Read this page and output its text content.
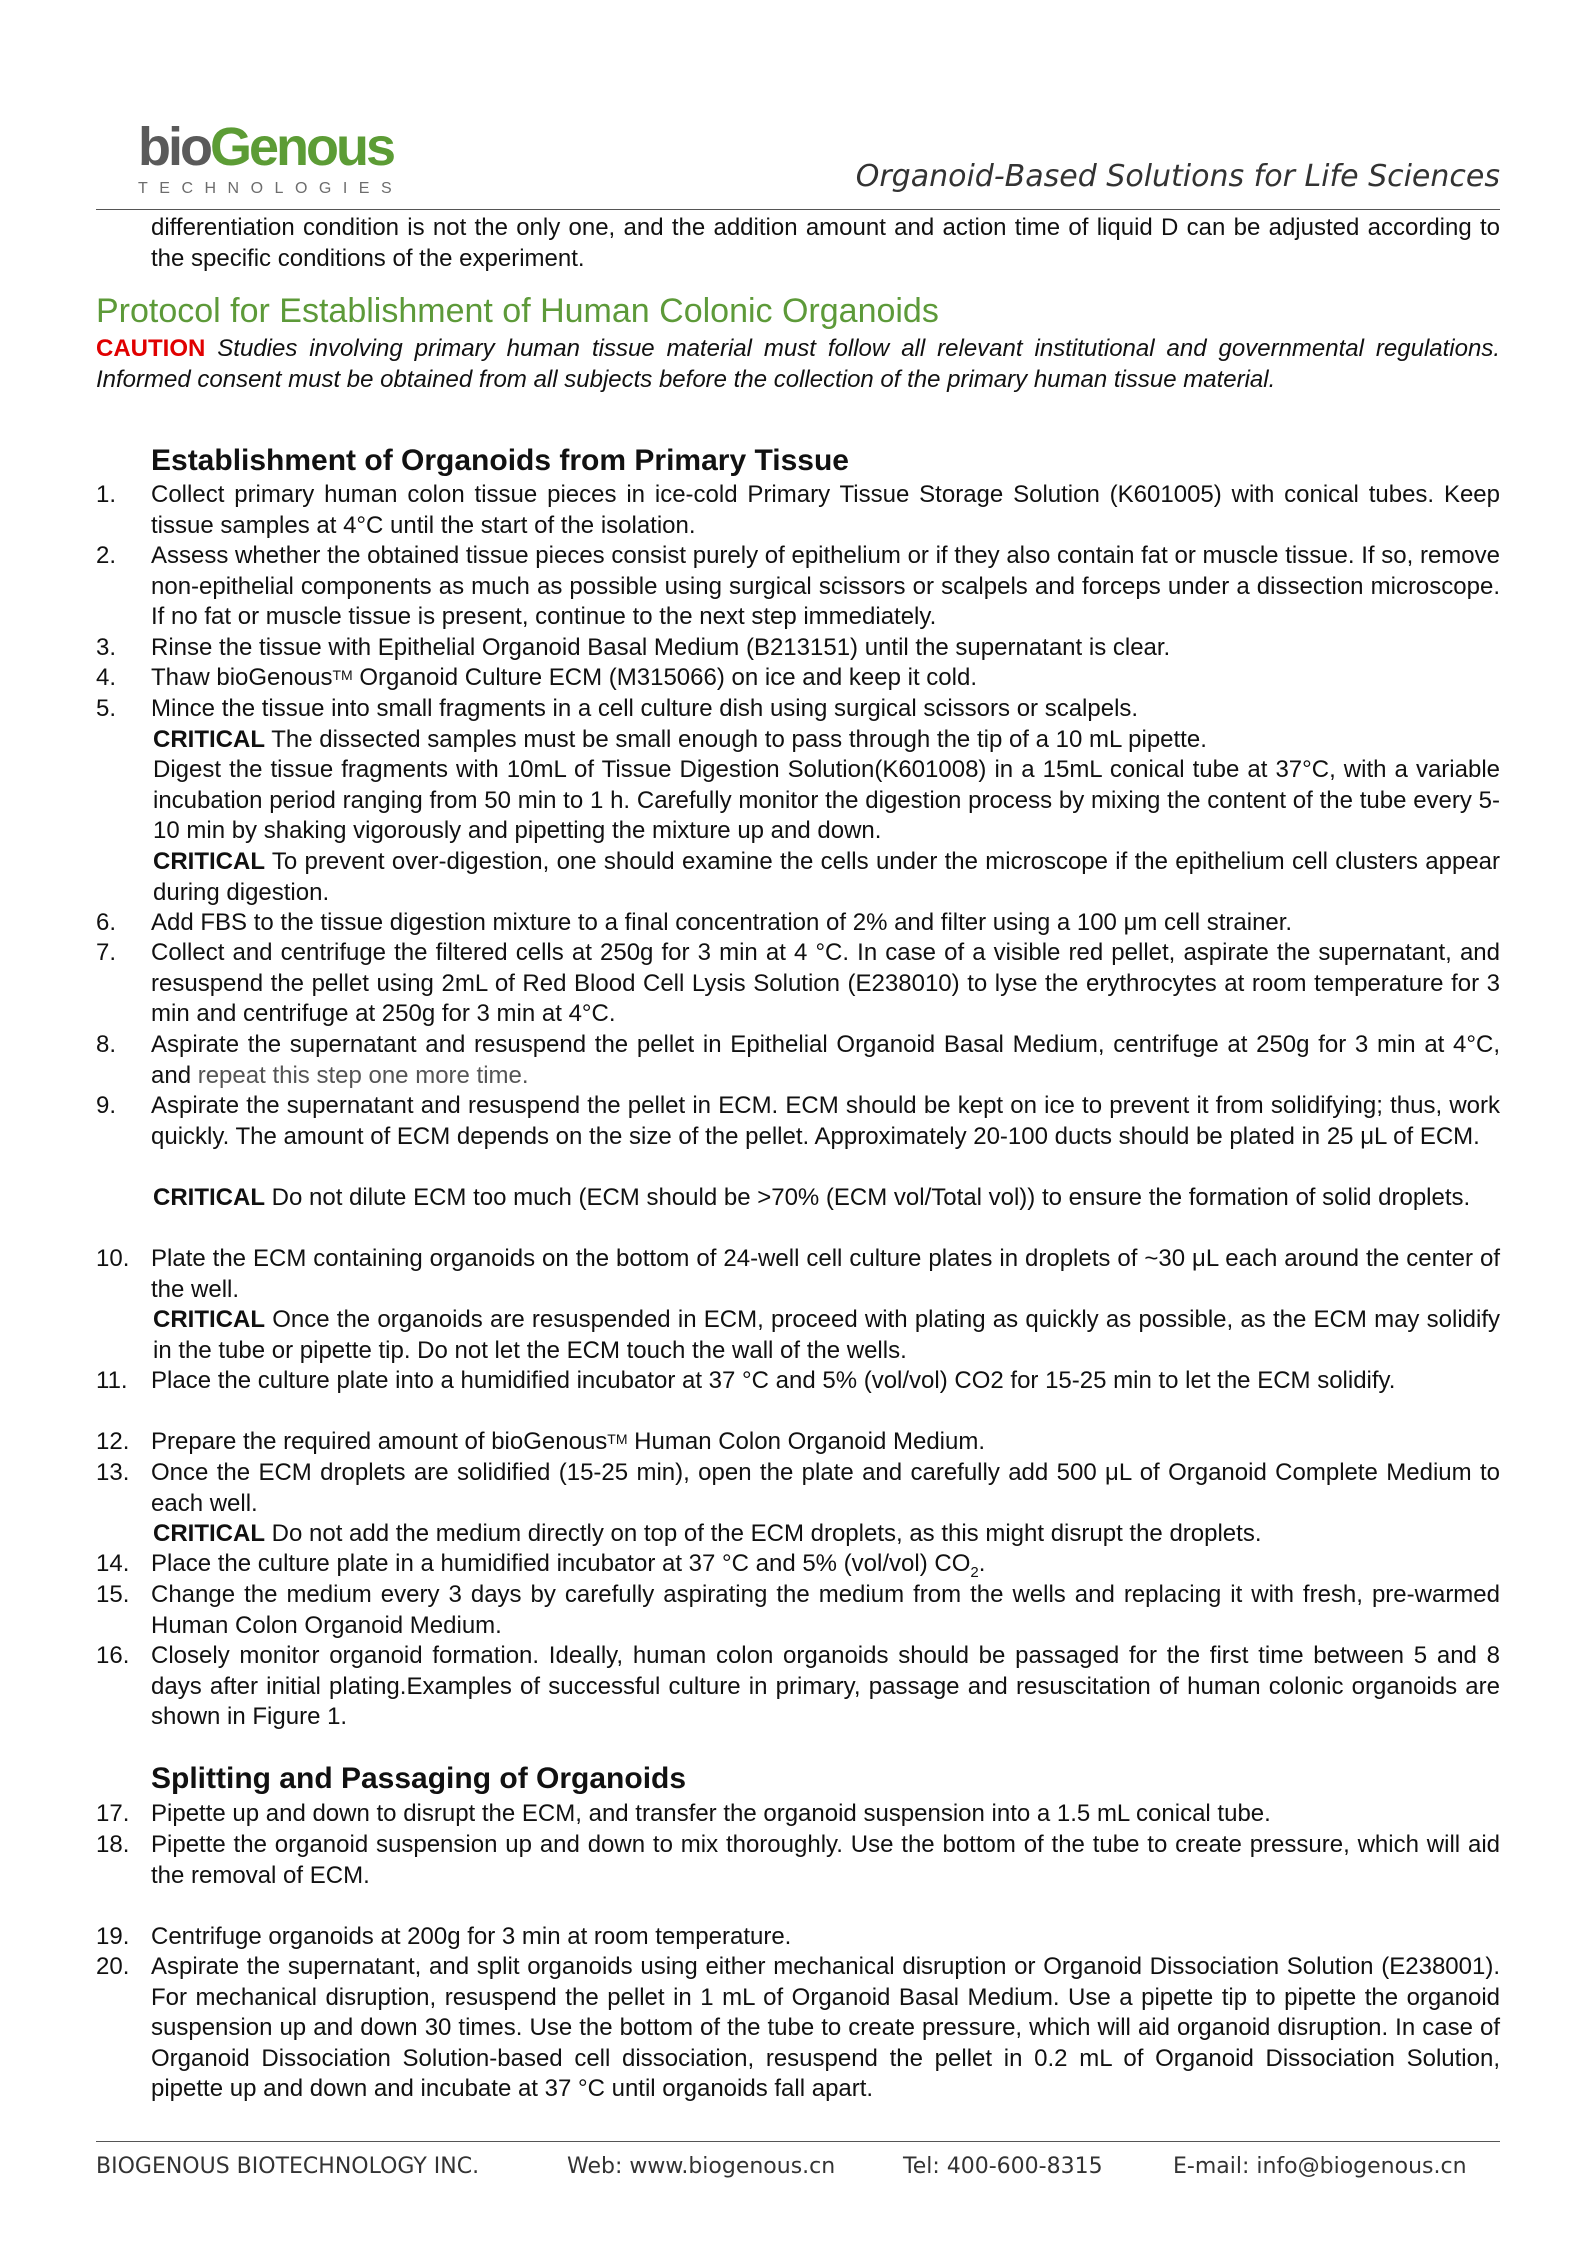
bioGenous
TECHNOLOGIES	Organoid-Based Solutions for Life Sciences
differentiation condition is not the only one, and the addition amount and action time of liquid D can be adjusted according to the specific conditions of the experiment.
Protocol for Establishment of Human Colonic Organoids
CAUTION Studies involving primary human tissue material must follow all relevant institutional and governmental regulations. Informed consent must be obtained from all subjects before the collection of the primary human tissue material.
Establishment of Organoids from Primary Tissue
1.	Collect primary human colon tissue pieces in ice-cold Primary Tissue Storage Solution (K601005) with conical tubes. Keep tissue samples at 4°C until the start of the isolation.
2.	Assess whether the obtained tissue pieces consist purely of epithelium or if they also contain fat or muscle tissue. If so, remove non-epithelial components as much as possible using surgical scissors or scalpels and forceps under a dissection microscope. If no fat or muscle tissue is present, continue to the next step immediately.
3.	Rinse the tissue with Epithelial Organoid Basal Medium (B213151) until the supernatant is clear.
4.	Thaw bioGenous™ Organoid Culture ECM (M315066) on ice and keep it cold.
5.	Mince the tissue into small fragments in a cell culture dish using surgical scissors or scalpels.
CRITICAL The dissected samples must be small enough to pass through the tip of a 10 mL pipette.
Digest the tissue fragments with 10mL of Tissue Digestion Solution(K601008) in a 15mL conical tube at 37°C, with a variable incubation period ranging from 50 min to 1 h. Carefully monitor the digestion process by mixing the content of the tube every 5-10 min by shaking vigorously and pipetting the mixture up and down.
CRITICAL To prevent over-digestion, one should examine the cells under the microscope if the epithelium cell clusters appear during digestion.
6.	Add FBS to the tissue digestion mixture to a final concentration of 2% and filter using a 100 μm cell strainer.
7.	Collect and centrifuge the filtered cells at 250g for 3 min at 4 °C. In case of a visible red pellet, aspirate the supernatant, and resuspend the pellet using 2mL of Red Blood Cell Lysis Solution (E238010) to lyse the erythrocytes at room temperature for 3 min and centrifuge at 250g for 3 min at 4°C.
8.	Aspirate the supernatant and resuspend the pellet in Epithelial Organoid Basal Medium, centrifuge at 250g for 3 min at 4°C, and repeat this step one more time.
9.	Aspirate the supernatant and resuspend the pellet in ECM. ECM should be kept on ice to prevent it from solidifying; thus, work quickly. The amount of ECM depends on the size of the pellet. Approximately 20-100 ducts should be plated in 25 μL of ECM.
CRITICAL Do not dilute ECM too much (ECM should be >70% (ECM vol/Total vol)) to ensure the formation of solid droplets.
10. Plate the ECM containing organoids on the bottom of 24-well cell culture plates in droplets of ~30 μL each around the center of the well.
CRITICAL Once the organoids are resuspended in ECM, proceed with plating as quickly as possible, as the ECM may solidify in the tube or pipette tip. Do not let the ECM touch the wall of the wells.
11. Place the culture plate into a humidified incubator at 37 °C and 5% (vol/vol) CO2 for 15-25 min to let the ECM solidify.
12. Prepare the required amount of bioGenous™ Human Colon Organoid Medium.
13. Once the ECM droplets are solidified (15-25 min), open the plate and carefully add 500 μL of Organoid Complete Medium to each well.
CRITICAL Do not add the medium directly on top of the ECM droplets, as this might disrupt the droplets.
14. Place the culture plate in a humidified incubator at 37 °C and 5% (vol/vol) $CO_2$.
15. Change the medium every 3 days by carefully aspirating the medium from the wells and replacing it with fresh, pre-warmed Human Colon Organoid Medium.
16. Closely monitor organoid formation. Ideally, human colon organoids should be passaged for the first time between 5 and 8 days after initial plating.Examples of successful culture in primary, passage and resuscitation of human colonic organoids are shown in Figure 1.
Splitting and Passaging of Organoids
17. Pipette up and down to disrupt the ECM, and transfer the organoid suspension into a 1.5 mL conical tube.
18. Pipette the organoid suspension up and down to mix thoroughly. Use the bottom of the tube to create pressure, which will aid the removal of ECM.
19. Centrifuge organoids at 200g for 3 min at room temperature.
20. Aspirate the supernatant, and split organoids using either mechanical disruption or Organoid Dissociation Solution (E238001). For mechanical disruption, resuspend the pellet in 1 mL of Organoid Basal Medium. Use a pipette tip to pipette the organoid suspension up and down 30 times. Use the bottom of the tube to create pressure, which will aid organoid disruption. In case of Organoid Dissociation Solution-based cell dissociation, resuspend the pellet in 0.2 mL of Organoid Dissociation Solution, pipette up and down and incubate at 37 °C until organoids fall apart.
BIOGENOUS BIOTECHNOLOGY INC.	Web: www.biogenous.cn	Tel: 400-600-8315	E-mail: info@biogenous.cn
